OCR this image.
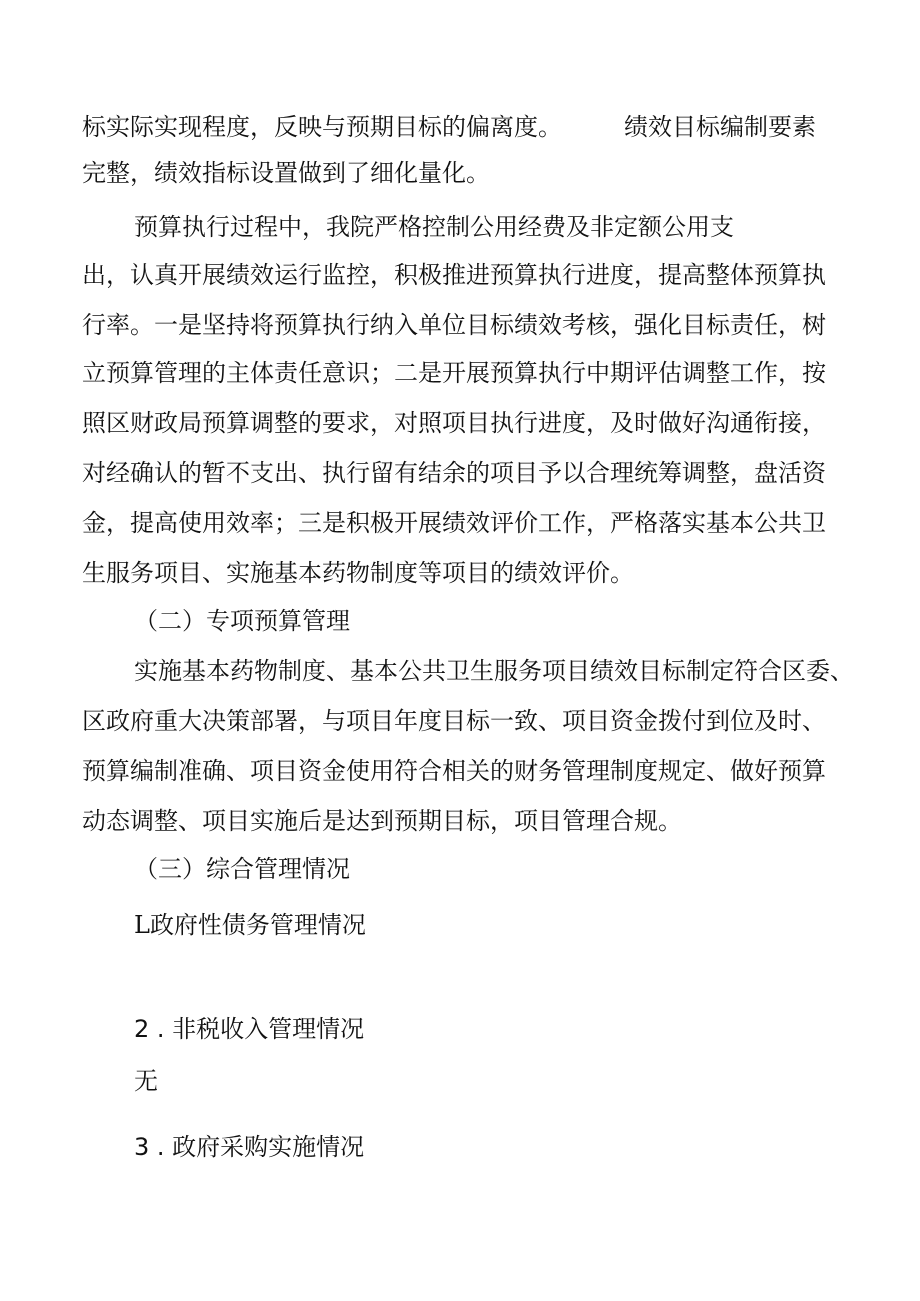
标实际实现程度，反映与预期目标的偏离度。	绩效目标编制要素
完整，绩效指标设置做到了细化量化。
预算执行过程中，我院严格控制公用经费及非定额公用支
出，认真开展绩效运行监控，积极推进预算执行进度，提高整体预算执
行率。一是坚持将预算执行纳入单位目标绩效考核，强化目标责任，树
立预算管理的主体责任意识；二是开展预算执行中期评估调整工作，按
照区财政局预算调整的要求，对照项目执行进度，及时做好沟通衔接，
对经确认的暂不支出、执行留有结余的项目予以合理统筹调整，盘活资
金，提高使用效率；三是积极开展绩效评价工作，严格落实基本公共卫
生服务项目、实施基本药物制度等项目的绩效评价。
（二）专项预算管理
实施基本药物制度、基本公共卫生服务项目绩效目标制定符合区委、
区政府重大决策部署，与项目年度目标一致、项目资金拨付到位及时、
预算编制准确、项目资金使用符合相关的财务管理制度规定、做好预算
动态调整、项目实施后是达到预期目标，项目管理合规。
（三）综合管理情况
L政府性债务管理情况
2 . 非税收入管理情况
无
3 . 政府采购实施情况
